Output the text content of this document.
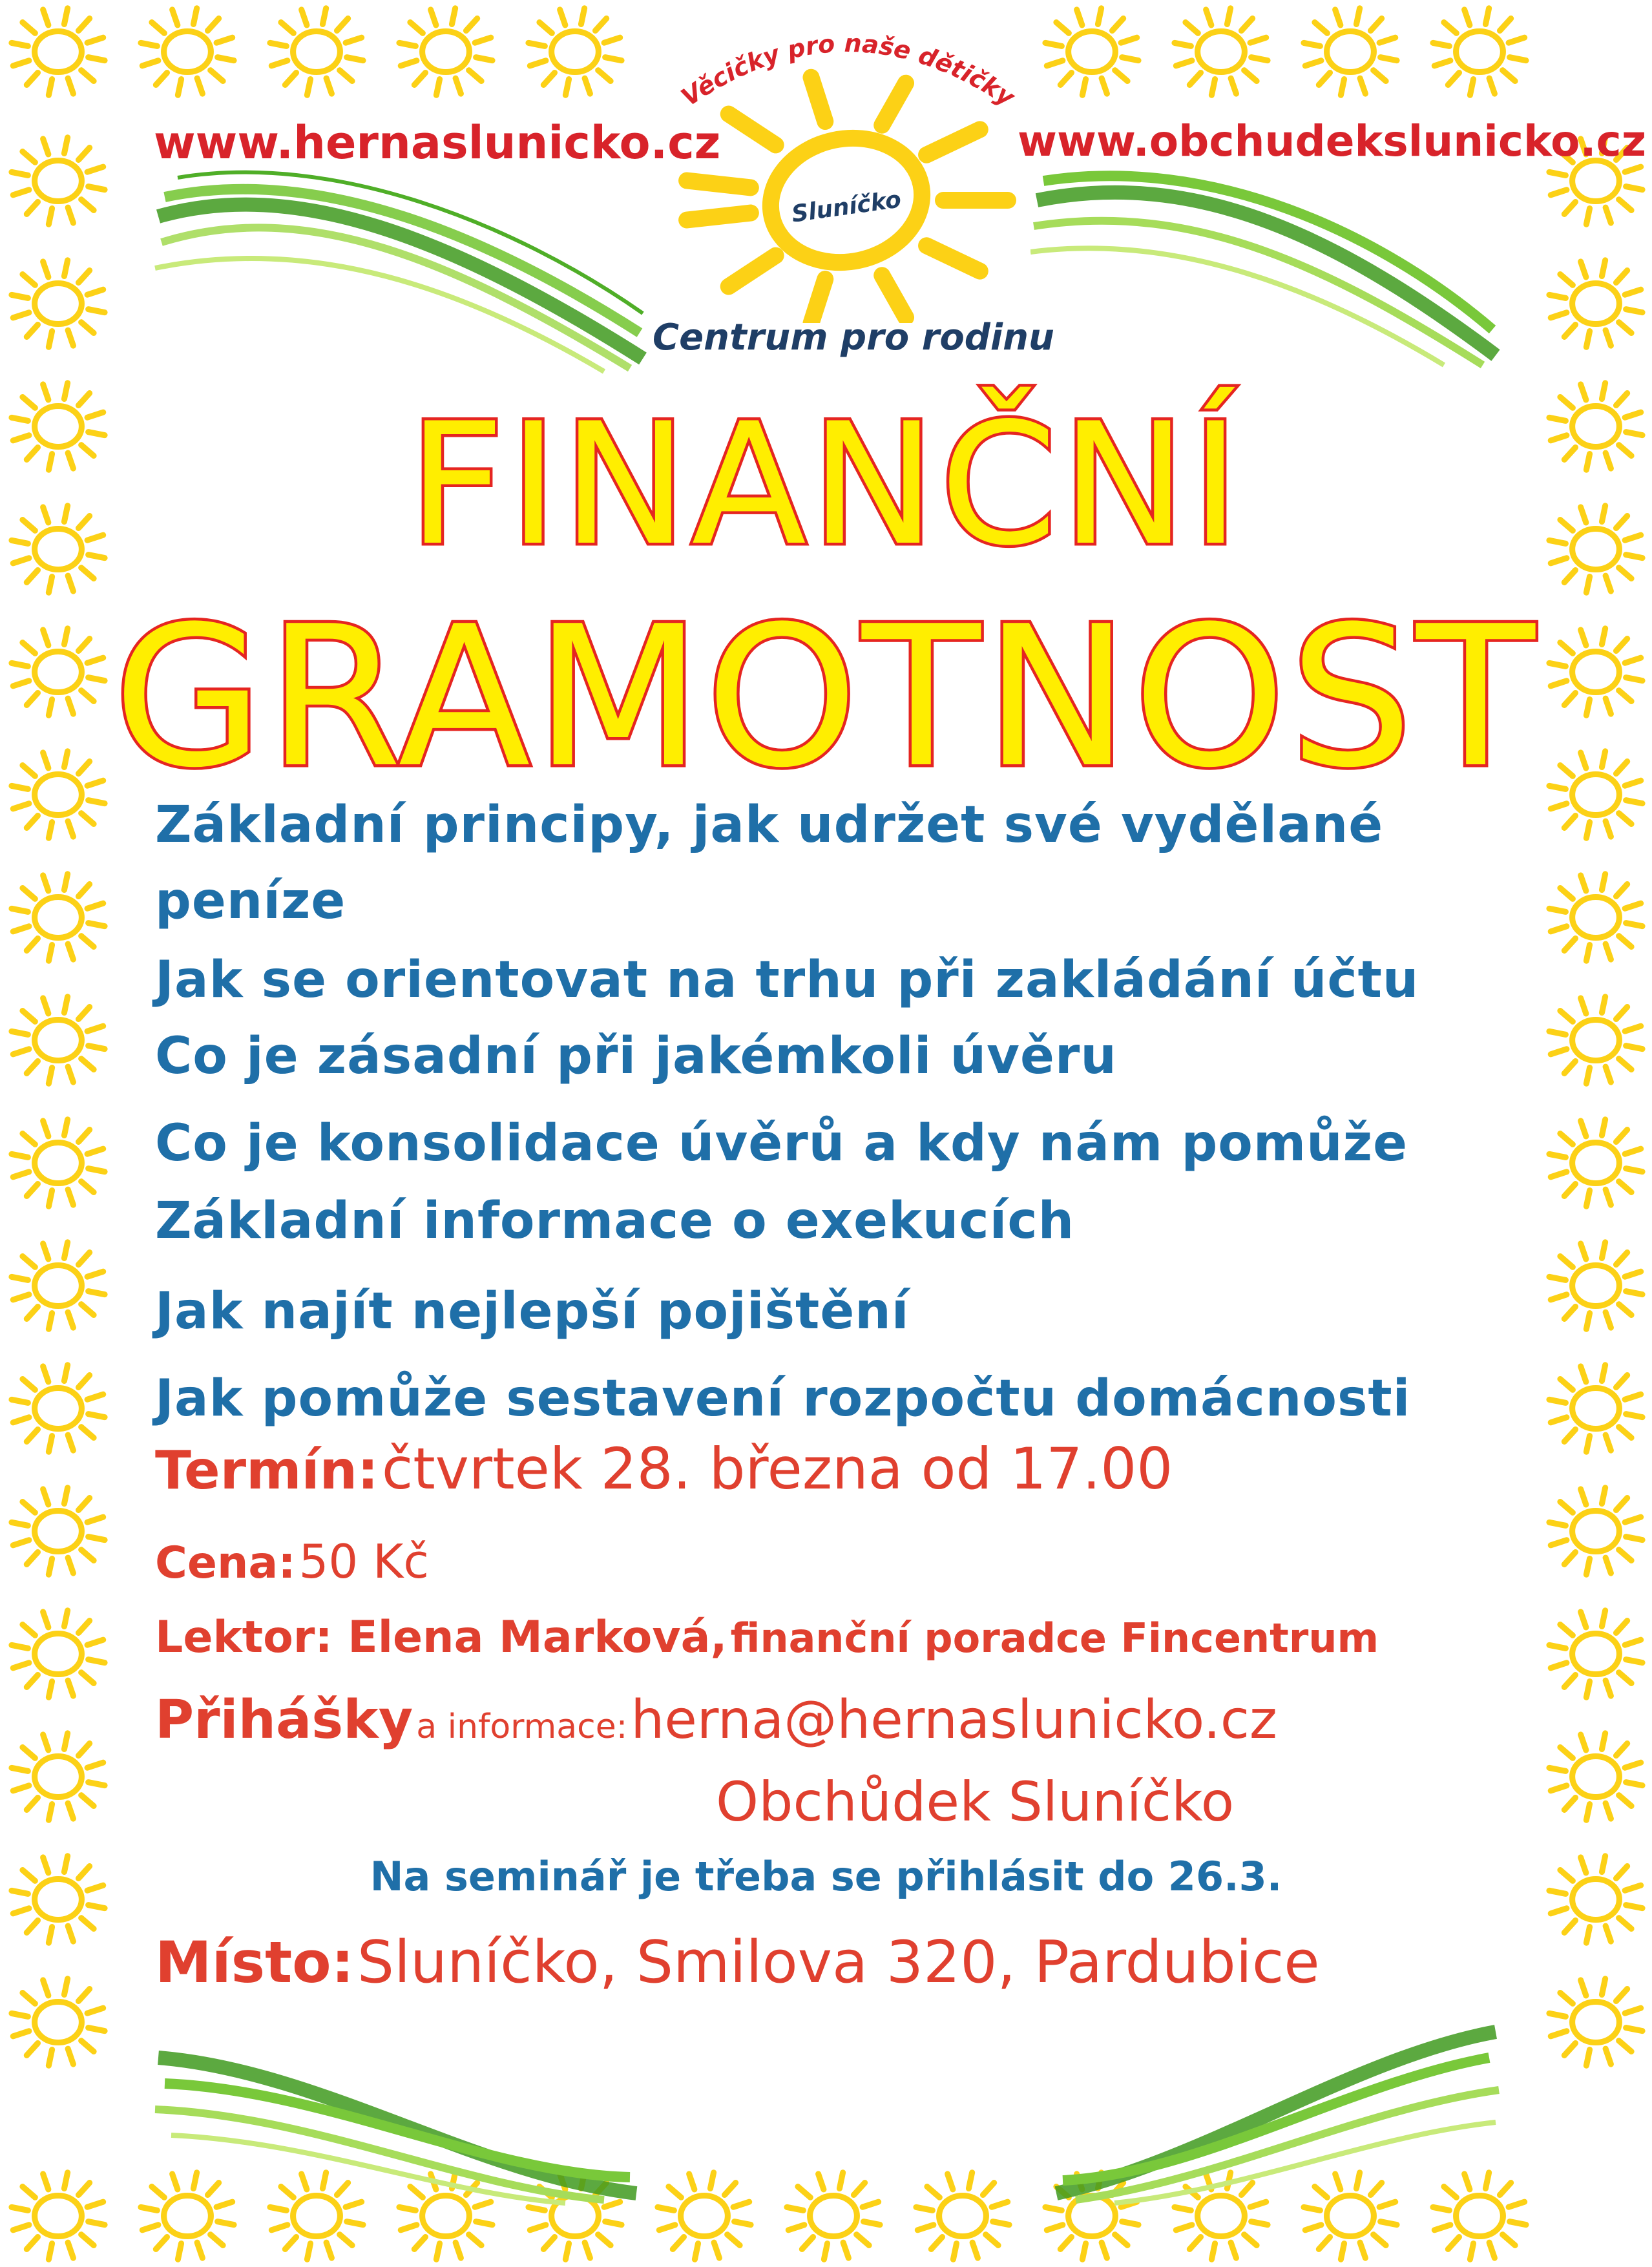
www.hernaslunicko.cz	www.obchudekslunicko.cz
Věcičky pro naše dětičky
Sluníčko
Centrum pro rodinu
FINANČNÍ
GRAMOTNOST
Základní principy, jak udržet své vydělané
peníze
Jak se orientovat na trhu při zakládání účtu
Co je zásadní při jakémkoli úvěru
Co je konsolidace úvěrů a kdy nám pomůže
Základní informace o exekucích
Jak najít nejlepší pojištění
Jak pomůže sestavení rozpočtu domácnosti
Termín: čtvrtek 28. března od 17.00
Cena: 50 Kč
Lektor: Elena Marková, finanční poradce Fincentrum
Přihášky a informace: herna@hernaslunicko.cz
Obchůdek Sluníčko
Na seminář je třeba se přihlásit do 26.3.
Místo: Sluníčko, Smilova 320, Pardubice
